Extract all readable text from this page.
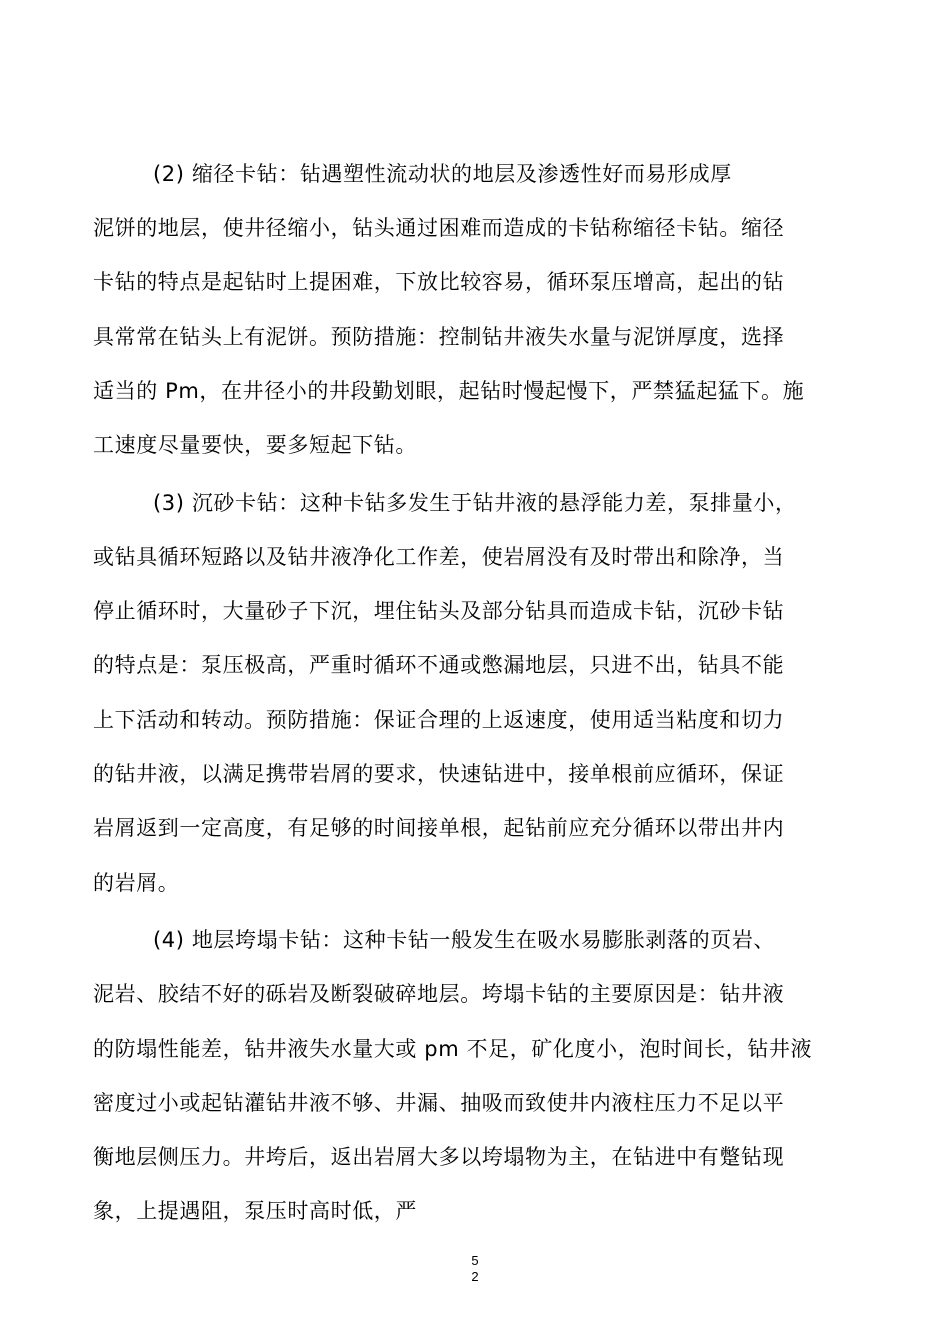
(2) 缩径卡钻：钻遇塑性流动状的地层及渗透性好而易形成厚
泥饼的地层，使井径缩小，钻头通过困难而造成的卡钻称缩径卡钻。缩径
卡钻的特点是起钻时上提困难，下放比较容易，循环泵压增高，起出的钻
具常常在钻头上有泥饼。预防措施：控制钻井液失水量与泥饼厚度，选择
适当的 Pm，在井径小的井段勤划眼，起钻时慢起慢下，严禁猛起猛下。施
工速度尽量要快，要多短起下钻。
(3) 沉砂卡钻：这种卡钻多发生于钻井液的悬浮能力差，泵排量小，
或钻具循环短路以及钻井液净化工作差，使岩屑没有及时带出和除净，当
停止循环时，大量砂子下沉，埋住钻头及部分钻具而造成卡钻，沉砂卡钻
的特点是：泵压极高，严重时循环不通或憋漏地层，只进不出，钻具不能
上下活动和转动。预防措施：保证合理的上返速度，使用适当粘度和切力
的钻井液，以满足携带岩屑的要求，快速钻进中，接单根前应循环，保证
岩屑返到一定高度，有足够的时间接单根，起钻前应充分循环以带出井内
的岩屑。
(4) 地层垮塌卡钻：这种卡钻一般发生在吸水易膨胀剥落的页岩、
泥岩、胶结不好的砾岩及断裂破碎地层。垮塌卡钻的主要原因是：钻井液
的防塌性能差，钻井液失水量大或 pm 不足，矿化度小，泡时间长，钻井液
密度过小或起钻灌钻井液不够、井漏、抽吸而致使井内液柱压力不足以平
衡地层侧压力。井垮后，返出岩屑大多以垮塌物为主，在钻进中有蹩钻现
象，上提遇阻，泵压时高时低，严
5
2
